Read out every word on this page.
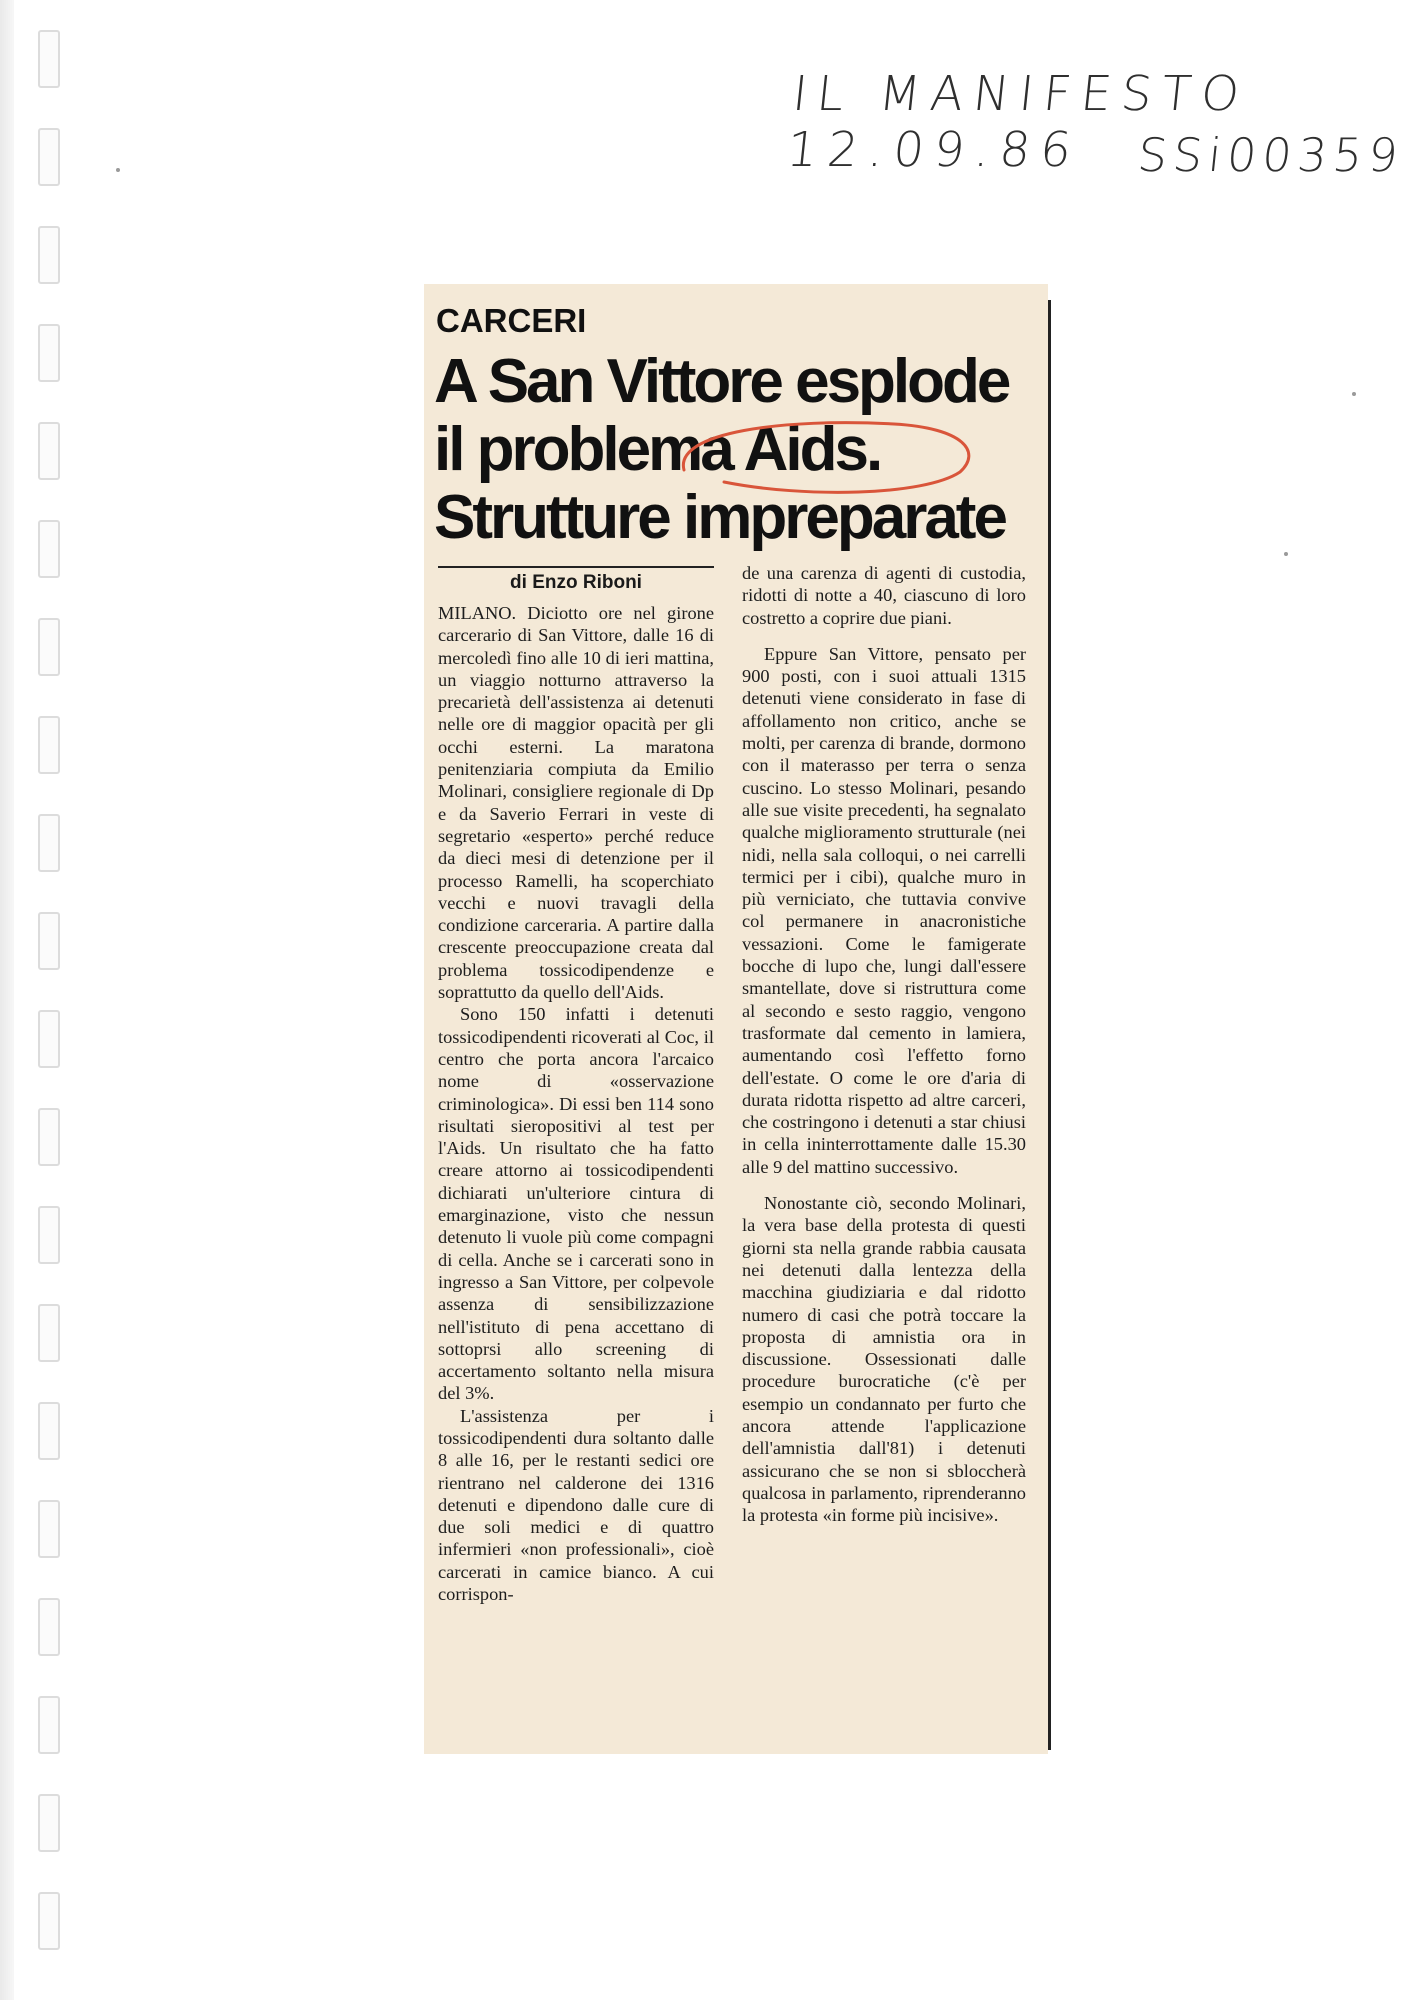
IL MANIFESTO 12.09.86	SSi00359
CARCERI
A San Vittore esplode
il problema Aids.
Strutture impreparate
di Enzo Riboni

MILANO. Diciotto ore nel girone carcerario di San Vittore, dalle 16 di mercoledì fino alle 10 di ieri mattina, un viaggio notturno attraverso la precarietà dell'assistenza ai detenuti nelle ore di maggior opacità per gli occhi esterni. La maratona penitenziaria compiuta da Emilio Molinari, consigliere regionale di Dp e da Saverio Ferrari in veste di segretario «esperto» perché reduce da dieci mesi di detenzione per il processo Ramelli, ha scoperchiato vecchi e nuovi travagli della condizione carceraria. A partire dalla crescente preoccupazione creata dal problema tossicodipendenze e soprattutto da quello dell'Aids.

Sono 150 infatti i detenuti tossicodipendenti ricoverati al Coc, il centro che porta ancora l'arcaico nome di «osservazione criminologica». Di essi ben 114 sono risultati sieropositivi al test per l'Aids. Un risultato che ha fatto creare attorno ai tossicodipendenti dichiarati un'ulteriore cintura di emarginazione, visto che nessun detenuto li vuole più come compagni di cella. Anche se i carcerati sono in ingresso a San Vittore, per colpevole assenza di sensibilizzazione nell'istituto di pena accettano di sottoprsi allo screening di accertamento soltanto nella misura del 3%.

L'assistenza per i tossicodipendenti dura soltanto dalle 8 alle 16, per le restanti sedici ore rientrano nel calderone dei 1316 detenuti e dipendono dalle cure di due soli medici e di quattro infermieri «non professionali», cioè carcerati in camice bianco. A cui corrispon-

de una carenza di agenti di custodia, ridotti di notte a 40, ciascuno di loro costretto a coprire due piani.

Eppure San Vittore, pensato per 900 posti, con i suoi attuali 1315 detenuti viene considerato in fase di affollamento non critico, anche se molti, per carenza di brande, dormono con il materasso per terra o senza cuscino. Lo stesso Molinari, pesando alle sue visite precedenti, ha segnalato qualche miglioramento strutturale (nei nidi, nella sala colloqui, o nei carrelli termici per i cibi), qualche muro in più verniciato, che tuttavia convive col permanere in anacronistiche vessazioni. Come le famigerate bocche di lupo che, lungi dall'essere smantellate, dove si ristruttura come al secondo e sesto raggio, vengono trasformate dal cemento in lamiera, aumentando così l'effetto forno dell'estate. O come le ore d'aria di durata ridotta rispetto ad altre carceri, che costringono i detenuti a star chiusi in cella ininterrottamente dalle 15.30 alle 9 del mattino successivo.

Nonostante ciò, secondo Molinari, la vera base della protesta di questi giorni sta nella grande rabbia causata nei detenuti dalla lentezza della macchina giudiziaria e dal ridotto numero di casi che potrà toccare la proposta di amnistia ora in discussione. Ossessionati dalle procedure burocratiche (c'è per esempio un condannato per furto che ancora attende l'applicazione dell'amnistia dall'81) i detenuti assicurano che se non si sbloccherà qualcosa in parlamento, riprenderanno la protesta «in forme più incisive».
